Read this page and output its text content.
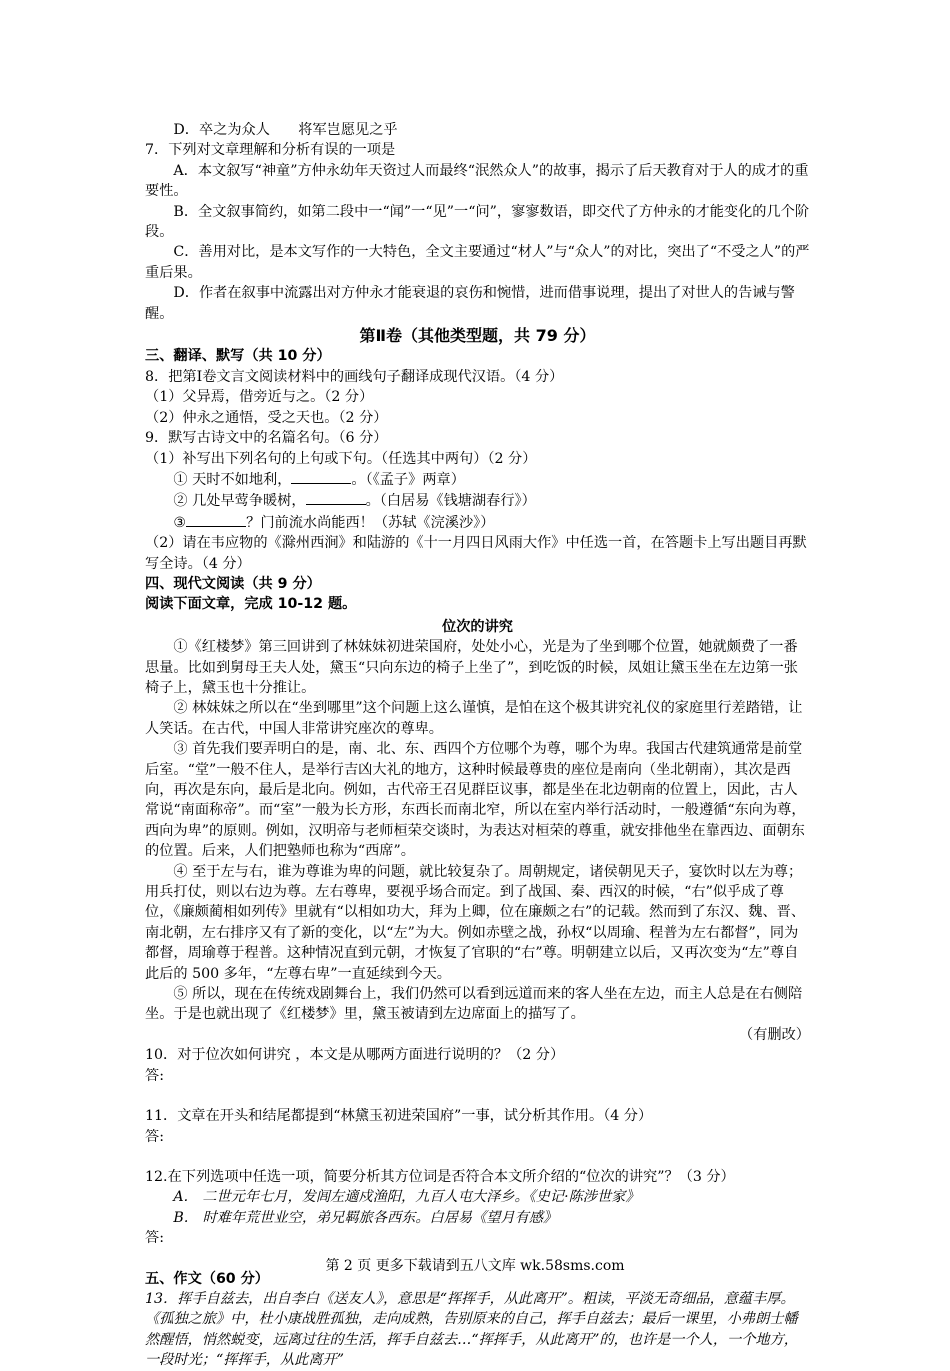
D．卒之为众人　　将军岂愿见之乎

7．下列对文章理解和分析有误的一项是

A．本文叙写“神童”方仲永幼年天资过人而最终“泯然众人”的故事，揭示了后天教育对于人的成才的重要性。

B．全文叙事简约，如第二段中一“闻”一“见”一“问”，寥寥数语，即交代了方仲永的才能变化的几个阶段。

C．善用对比，是本文写作的一大特色，全文主要通过“材人”与“众人”的对比，突出了“不受之人”的严重后果。

D．作者在叙事中流露出对方仲永才能衰退的哀伤和惋惜，进而借事说理，提出了对世人的告诫与警醒。

第Ⅱ卷（其他类型题，共 79 分）

三、翻译、默写（共 10 分）

8．把第Ⅰ卷文言文阅读材料中的画线句子翻译成现代汉语。（4 分）

（1）父异焉，借旁近与之。（2 分）

（2）仲永之通悟，受之天也。（2 分）

9．默写古诗文中的名篇名句。（6 分）

（1）补写出下列名句的上句或下句。（任选其中两句）（2 分）

① 天时不如地利，	。（《孟子》两章）

② 几处早莺争暖树，	。（白居易《钱塘湖春行》）

③	？门前流水尚能西！（苏轼《浣溪沙》）

（2）请在韦应物的《滁州西涧》和陆游的《十一月四日风雨大作》中任选一首，在答题卡上写出题目再默写全诗。（4 分）

四、现代文阅读（共 9 分）

阅读下面文章，完成 10-12 题。

位次的讲究

①《红楼梦》第三回讲到了林妹妹初进荣国府，处处小心，光是为了坐到哪个位置，她就颇费了一番思量。比如到舅母王夫人处，黛玉“只向东边的椅子上坐了”，到吃饭的时候，凤姐让黛玉坐在左边第一张椅子上，黛玉也十分推让。

② 林妹妹之所以在“坐到哪里”这个问题上这么谨慎，是怕在这个极其讲究礼仪的家庭里行差踏错，让人笑话。在古代，中国人非常讲究座次的尊卑。

③ 首先我们要弄明白的是，南、北、东、西四个方位哪个为尊，哪个为卑。我国古代建筑通常是前堂后室。“堂”一般不住人，是举行吉凶大礼的地方，这种时候最尊贵的座位是南向（坐北朝南），其次是西向，再次是东向，最后是北向。例如，古代帝王召见群臣议事，都是坐在北边朝南的位置上，因此，古人常说“南面称帝”。而“室”一般为长方形，东西长而南北窄，所以在室内举行活动时，一般遵循“东向为尊，西向为卑”的原则。例如，汉明帝与老师桓荣交谈时，为表达对桓荣的尊重，就安排他坐在靠西边、面朝东的位置。后来，人们把塾师也称为“西席”。

④ 至于左与右，谁为尊谁为卑的问题，就比较复杂了。周朝规定，诸侯朝见天子，宴饮时以左为尊；用兵打仗，则以右边为尊。左右尊卑，要视乎场合而定。到了战国、秦、西汉的时候，“右”似乎成了尊位，《廉颇蔺相如列传》里就有“以相如功大，拜为上卿，位在廉颇之右”的记载。然而到了东汉、魏、晋、南北朝，左右排序又有了新的变化，以“左”为大。例如赤壁之战，孙权“以周瑜、程普为左右都督”，同为都督，周瑜尊于程普。这种情况直到元朝，才恢复了官职的“右”尊。明朝建立以后，又再次变为“左”尊自此后的 500 多年，“左尊右卑”一直延续到今天。

⑤ 所以，现在在传统戏剧舞台上，我们仍然可以看到远道而来的客人坐在左边，而主人总是在右侧陪坐。于是也就出现了《红楼梦》里，黛玉被请到左边席面上的描写了。

（有删改）

10．对于位次如何讲究 ，本文是从哪两方面进行说明的？（2 分）

答:

11．文章在开头和结尾都提到“林黛玉初进荣国府”一事，试分析其作用。（4 分）

答:

12.在下列选项中任选一项，简要分析其方位词是否符合本文所介绍的“位次的讲究”？（3 分）

A.　二世元年七月，发闾左適戍渔阳，九百人屯大泽乡。《史记·陈涉世家》

B.　时难年荒世业空，弟兄羁旅各西东。白居易《望月有感》

答:

五、作文（60 分）

13．挥手自兹去，出自李白《送友人》，意思是“挥挥手，从此离开”。粗读，平淡无奇细品，意蕴丰厚。《孤独之旅》中，杜小康战胜孤独，走向成熟，告别原来的自己，挥手自兹去；最后一课里，小弗朗士幡然醒悟，悄然蜕变，远离过往的生活，挥手自兹去…“挥挥手，从此离开”的，也许是一个人，一个地方，一段时光；“挥挥手，从此离开”

第 2 页 更多下载请到五八文库 wk.58sms.com
